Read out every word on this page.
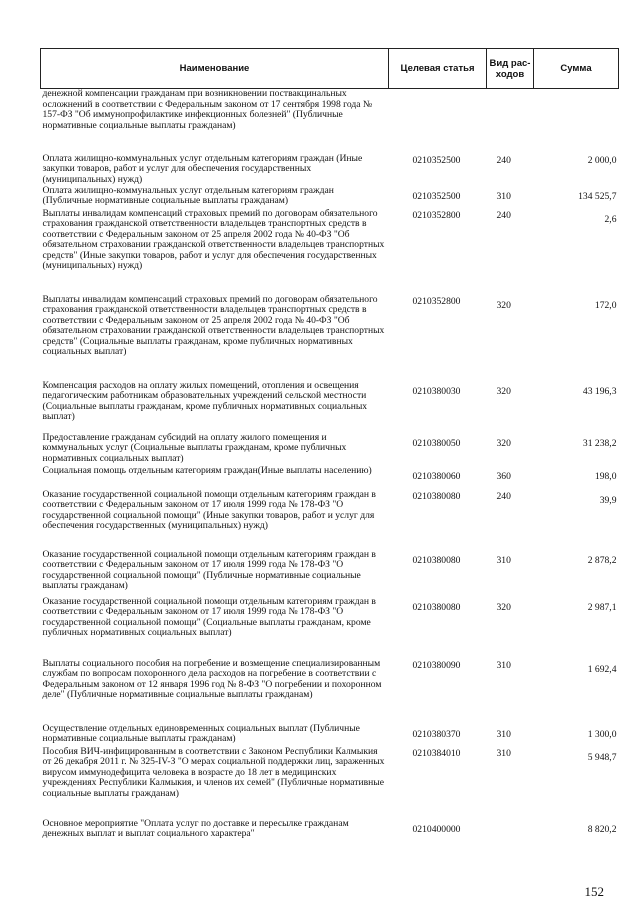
Наименование	Целевая статья	Вид рас-ходов	Сумма
денежной компенсации гражданам при возникновении поствакцинальных осложнений в соответствии с Федеральным законом от 17 сентября 1998 года № 157-ФЗ "Об иммунопрофилактике инфекционных болезней" (Публичные нормативные социальные выплаты гражданам)			
Оплата жилищно-коммунальных услуг отдельным категориям граждан (Иные закупки товаров, работ и услуг для обеспечения государственных (муниципальных) нужд)	0210352500	240	2 000,0
Оплата жилищно-коммунальных услуг отдельным категориям граждан (Публичные нормативные социальные выплаты гражданам)	0210352500	310	134 525,7
Выплаты инвалидам компенсаций страховых премий по договорам обязательного страхования гражданской ответственности владельцев транспортных средств в соответствии с Федеральным законом от 25 апреля 2002 года № 40-ФЗ "Об обязательном страховании гражданской ответственности владельцев транспортных средств" (Иные закупки товаров, работ и услуг для обеспечения государственных (муниципальных) нужд)	0210352800	240	2,6
Выплаты инвалидам компенсаций страховых премий по договорам обязательного страхования гражданской ответственности владельцев транспортных средств в соответствии с Федеральным законом от 25 апреля 2002 года № 40-ФЗ "Об обязательном страховании гражданской ответственности владельцев транспортных средств" (Социальные выплаты гражданам, кроме публичных нормативных социальных выплат)	0210352800	320	172,0
Компенсация расходов на оплату жилых помещений, отопления и освещения педагогическим работникам образовательных учреждений сельской местности (Социальные выплаты гражданам, кроме публичных нормативных социальных выплат)	0210380030	320	43 196,3
Предоставление гражданам субсидий на оплату жилого помещения и коммунальных услуг (Социальные выплаты гражданам, кроме публичных нормативных социальных выплат)	0210380050	320	31 238,2
Социальная помощь отдельным категориям граждан(Иные выплаты населению)	0210380060	360	198,0
Оказание государственной социальной помощи отдельным категориям граждан в соответствии с Федеральным законом от 17 июля 1999 года № 178-ФЗ "О государственной социальной помощи" (Иные закупки товаров, работ и услуг для обеспечения государственных (муниципальных) нужд)	0210380080	240	39,9
Оказание государственной социальной помощи отдельным категориям граждан в соответствии с Федеральным законом от 17 июля 1999 года № 178-ФЗ "О государственной социальной помощи" (Публичные нормативные социальные выплаты гражданам)	0210380080	310	2 878,2
Оказание государственной социальной помощи отдельным категориям граждан в соответствии с Федеральным законом от 17 июля 1999 года № 178-ФЗ "О государственной социальной помощи" (Социальные выплаты гражданам, кроме публичных нормативных социальных выплат)	0210380080	320	2 987,1
Выплаты социального пособия на погребение и возмещение специализированным службам по вопросам похоронного дела расходов на погребение в соответствии с Федеральным законом от 12 января 1996 год № 8-ФЗ "О погребении и похоронном деле" (Публичные нормативные социальные выплаты гражданам)	0210380090	310	1 692,4
Осуществление отдельных единовременных социальных выплат (Публичные нормативные социальные выплаты гражданам)	0210380370	310	1 300,0
Пособия ВИЧ-инфицированным в соответствии с Законом Республики Калмыкия от 26 декабря 2011 г. № 325-IV-З "О мерах социальной поддержки лиц, зараженных вирусом иммунодефицита человека в возрасте до 18 лет в медицинских учреждениях Республики Калмыкия, и членов их семей" (Публичные нормативные социальные выплаты гражданам)	0210384010	310	5 948,7
Основное мероприятие "Оплата услуг по доставке и пересылке гражданам денежных выплат и выплат социального характера"	0210400000		8 820,2
152
